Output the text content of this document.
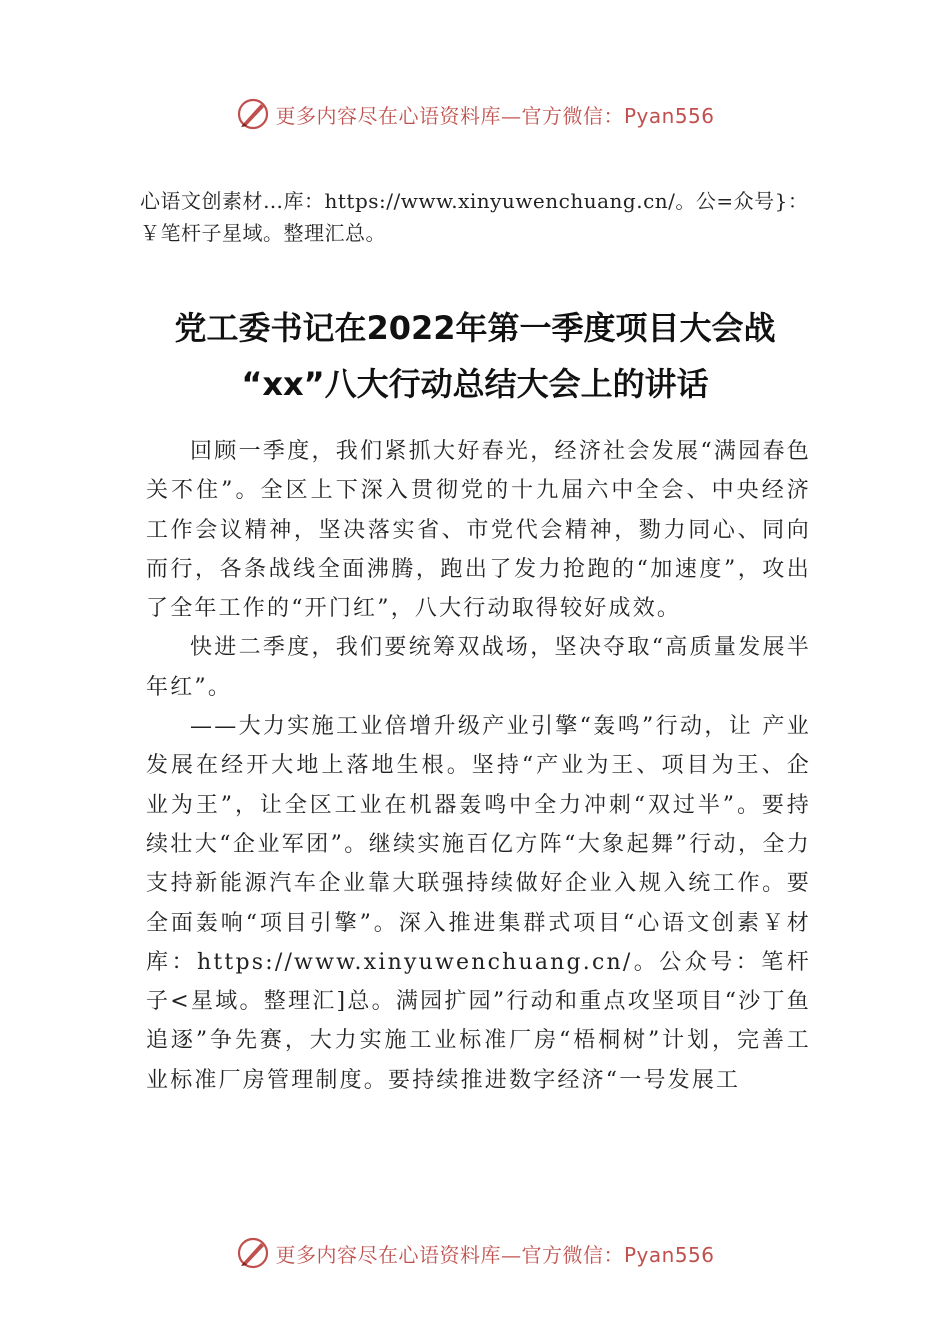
更多内容尽在心语资料库—官方微信：Pyan556
心语文创素材…库：https://www.xinyuwenchuang.cn/。公=众号}：￥笔杆子星域。整理汇总。
党工委书记在2022年第一季度项目大会战
“xx”八大行动总结大会上的讲话

回顾一季度，我们紧抓大好春光，经济社会发展“满园春色关不住”。全区上下深入贯彻党的十九届六中全会、中央经济工作会议精神，坚决落实省、市党代会精神，勠力同心、同向而行，各条战线全面沸腾，跑出了发力抢跑的“加速度”，攻出了全年工作的“开门红”，八大行动取得较好成效。

快进二季度，我们要统筹双战场，坚决夺取“高质量发展半年红”。

——大力实施工业倍增升级产业引擎“轰鸣”行动，让 产业发展在经开大地上落地生根。坚持“产业为王、项目为王、企业为王”，让全区工业在机器轰鸣中全力冲刺“双过半”。要持续壮大“企业军团”。继续实施百亿方阵“大象起舞”行动，全力支持新能源汽车企业靠大联强持续做好企业入规入统工作。要全面轰响“项目引擎”。深入推进集群式项目“心语文创素￥材库：https://www.xinyuwenchuang.cn/。公众号：笔杆子<星域。整理汇]总。满园扩园”行动和重点攻坚项目“沙丁鱼追逐”争先赛，大力实施工业标准厂房“梧桐树”计划，完善工业标准厂房管理制度。要持续推进数字经济“一号发展工

更多内容尽在心语资料库—官方微信：Pyan556
